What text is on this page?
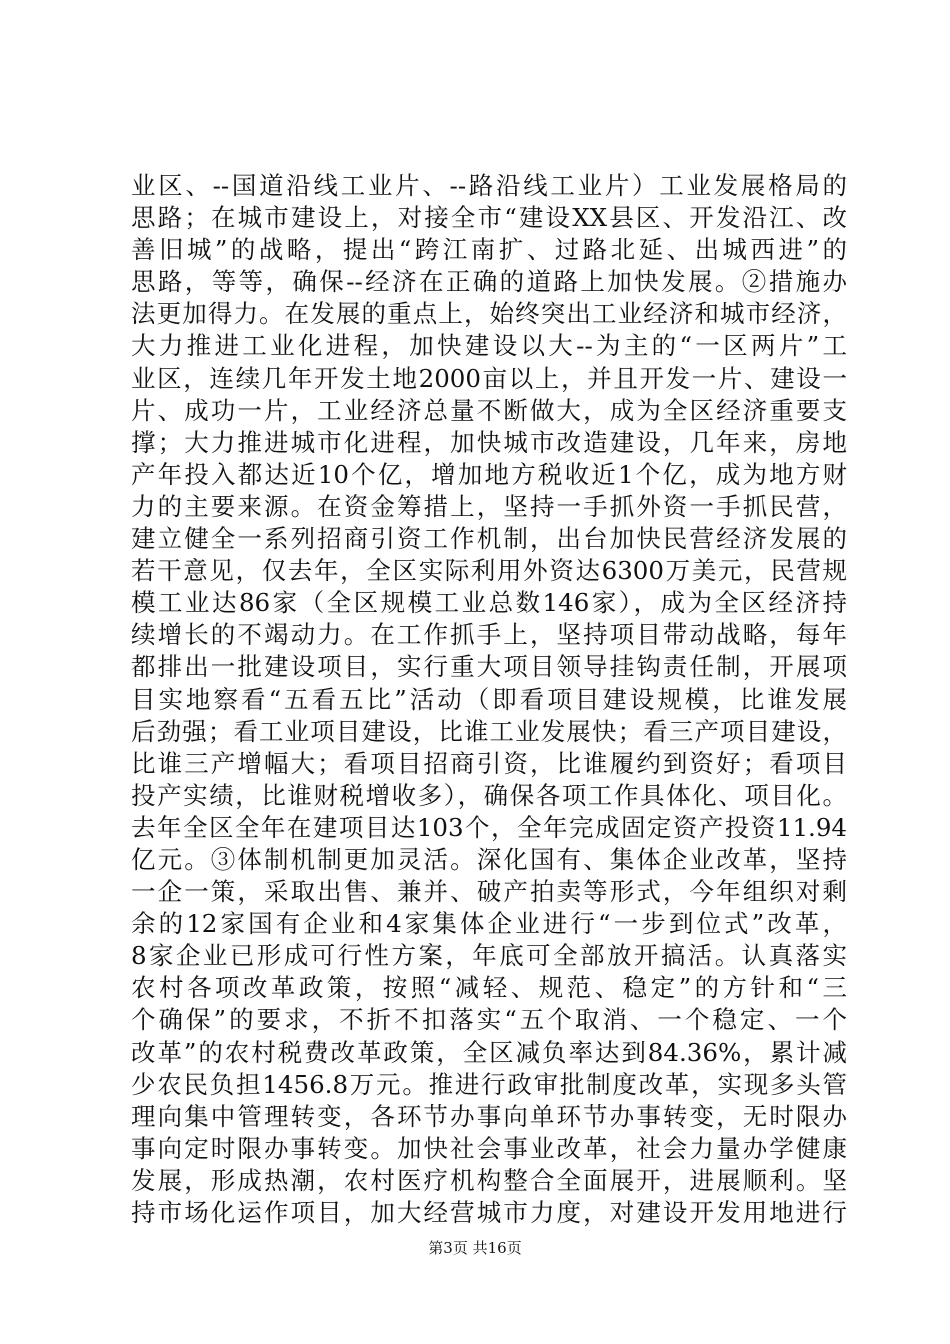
业区、--国道沿线工业片、--路沿线工业片）工业发展格局的
思路；在城市建设上，对接全市“建设XX县区、开发沿江、改
善旧城”的战略，提出“跨江南扩、过路北延、出城西进”的
思路，等等，确保--经济在正确的道路上加快发展。②措施办
法更加得力。在发展的重点上，始终突出工业经济和城市经济，
大力推进工业化进程，加快建设以大--为主的“一区两片”工
业区，连续几年开发土地2000亩以上，并且开发一片、建设一
片、成功一片，工业经济总量不断做大，成为全区经济重要支
撑；大力推进城市化进程，加快城市改造建设，几年来，房地
产年投入都达近10个亿，增加地方税收近1个亿，成为地方财
力的主要来源。在资金筹措上，坚持一手抓外资一手抓民营，
建立健全一系列招商引资工作机制，出台加快民营经济发展的
若干意见，仅去年，全区实际利用外资达6300万美元，民营规
模工业达86家（全区规模工业总数146家），成为全区经济持
续增长的不竭动力。在工作抓手上，坚持项目带动战略，每年
都排出一批建设项目，实行重大项目领导挂钩责任制，开展项
目实地察看“五看五比”活动（即看项目建设规模，比谁发展
后劲强；看工业项目建设，比谁工业发展快；看三产项目建设，
比谁三产增幅大；看项目招商引资，比谁履约到资好；看项目
投产实绩，比谁财税增收多），确保各项工作具体化、项目化。
去年全区全年在建项目达103个，全年完成固定资产投资11.94
亿元。③体制机制更加灵活。深化国有、集体企业改革，坚持
一企一策，采取出售、兼并、破产拍卖等形式，今年组织对剩
余的12家国有企业和4家集体企业进行“一步到位式”改革，
8家企业已形成可行性方案，年底可全部放开搞活。认真落实
农村各项改革政策，按照“减轻、规范、稳定”的方针和“三
个确保”的要求，不折不扣落实“五个取消、一个稳定、一个
改革”的农村税费改革政策，全区减负率达到84.36%，累计减
少农民负担1456.8万元。推进行政审批制度改革，实现多头管
理向集中管理转变，各环节办事向单环节办事转变，无时限办
事向定时限办事转变。加快社会事业改革，社会力量办学健康
发展，形成热潮，农村医疗机构整合全面展开，进展顺利。坚
持市场化运作项目，加大经营城市力度，对建设开发用地进行
第3页 共16页
